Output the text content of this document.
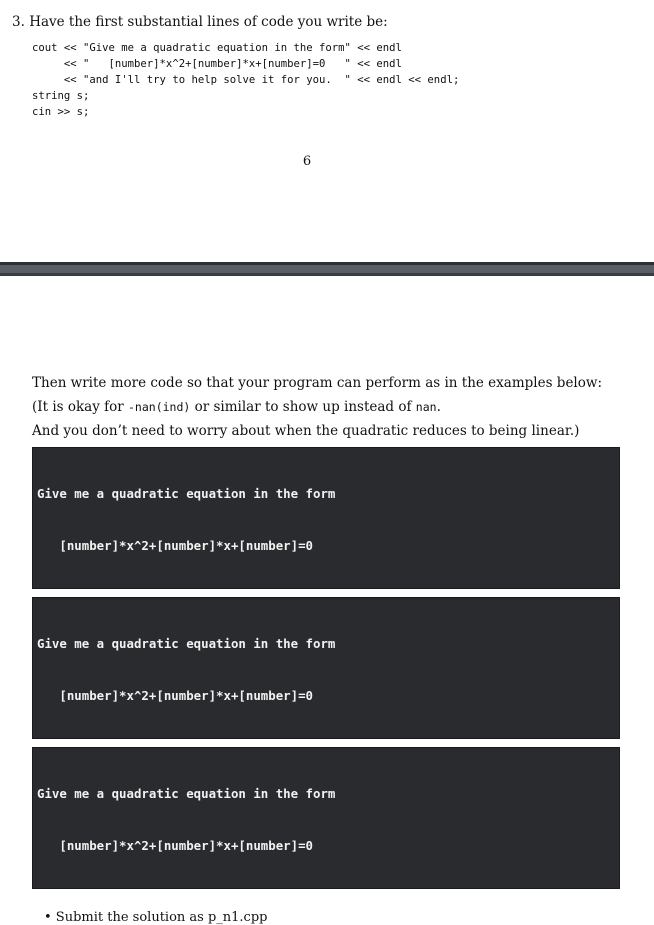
3. Have the first substantial lines of code you write be:
cout << "Give me a quadratic equation in the form" << endl
<< "   [number]*x^2+[number]*x+[number]=0   " << endl
<< "and I'll try to help solve it for you.  " << endl << endl;
string s;
cin >> s;
6
Then write more code so that your program can perform as in the examples below:
(It is okay for -nan(ind) or similar to show up instead of nan.
And you don’t need to worry about when the quadratic reduces to being linear.)

Give me a quadratic equation in the form

[number]*x^2+[number]*x+[number]=0

Give me a quadratic equation in the form

[number]*x^2+[number]*x+[number]=0

Give me a quadratic equation in the form

[number]*x^2+[number]*x+[number]=0

• Submit the solution as p_n1.cpp
